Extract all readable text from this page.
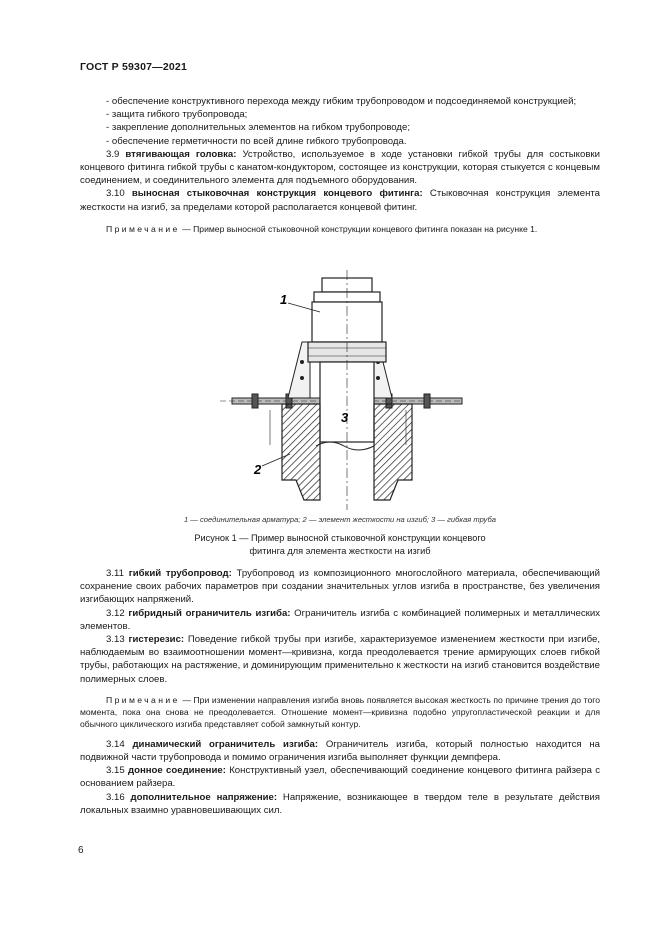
ГОСТ Р 59307—2021

- обеспечение конструктивного перехода между гибким трубопроводом и подсоединяемой конструкцией;

- защита гибкого трубопровода;

- закрепление дополнительных элементов на гибком трубопроводе;

- обеспечение герметичности по всей длине гибкого трубопровода.

3.9 втягивающая головка: Устройство, используемое в ходе установки гибкой трубы для состыковки концевого фитинга гибкой трубы с канатом-кондуктором, состоящее из конструкции, которая стыкуется с концевым соединением, и соединительного элемента для подъемного оборудования.

3.10 выносная стыковочная конструкция концевого фитинга: Стыковочная конструкция элемента жесткости на изгиб, за пределами которой располагается концевой фитинг.

Примечание — Пример выносной стыковочной конструкции концевого фитинга показан на рисунке 1.

1
2
3
1 — соединительная арматура; 2 — элемент жесткости на изгиб; 3 — гибкая труба
Рисунок 1 — Пример выносной стыковочной конструкции концевого
фитинга для элемента жесткости на изгиб

3.11 гибкий трубопровод: Трубопровод из композиционного многослойного материала, обеспечивающий сохранение своих рабочих параметров при создании значительных углов изгиба в пространстве, без увеличения изгибающих напряжений.

3.12 гибридный ограничитель изгиба: Ограничитель изгиба с комбинацией полимерных и металлических элементов.

3.13 гистерезис: Поведение гибкой трубы при изгибе, характеризуемое изменением жесткости при изгибе, наблюдаемым во взаимоотношении момент—кривизна, когда преодолевается трение армирующих слоев гибкой трубы, работающих на растяжение, и доминирующим применительно к жесткости на изгиб становится воздействие полимерных слоев.

Примечание — При изменении направления изгиба вновь появляется высокая жесткость по причине трения до того момента, пока она снова не преодолевается. Отношение момент—кривизна подобно упругопластической реакции и для обычного циклического изгиба представляет собой замкнутый контур.

3.14 динамический ограничитель изгиба: Ограничитель изгиба, который полностью находится на подвижной части трубопровода и помимо ограничения изгиба выполняет функции демпфера.

3.15 донное соединение: Конструктивный узел, обеспечивающий соединение концевого фитинга райзера с основанием райзера.

3.16 дополнительное напряжение: Напряжение, возникающее в твердом теле в результате действия локальных взаимно уравновешивающих сил.

6
